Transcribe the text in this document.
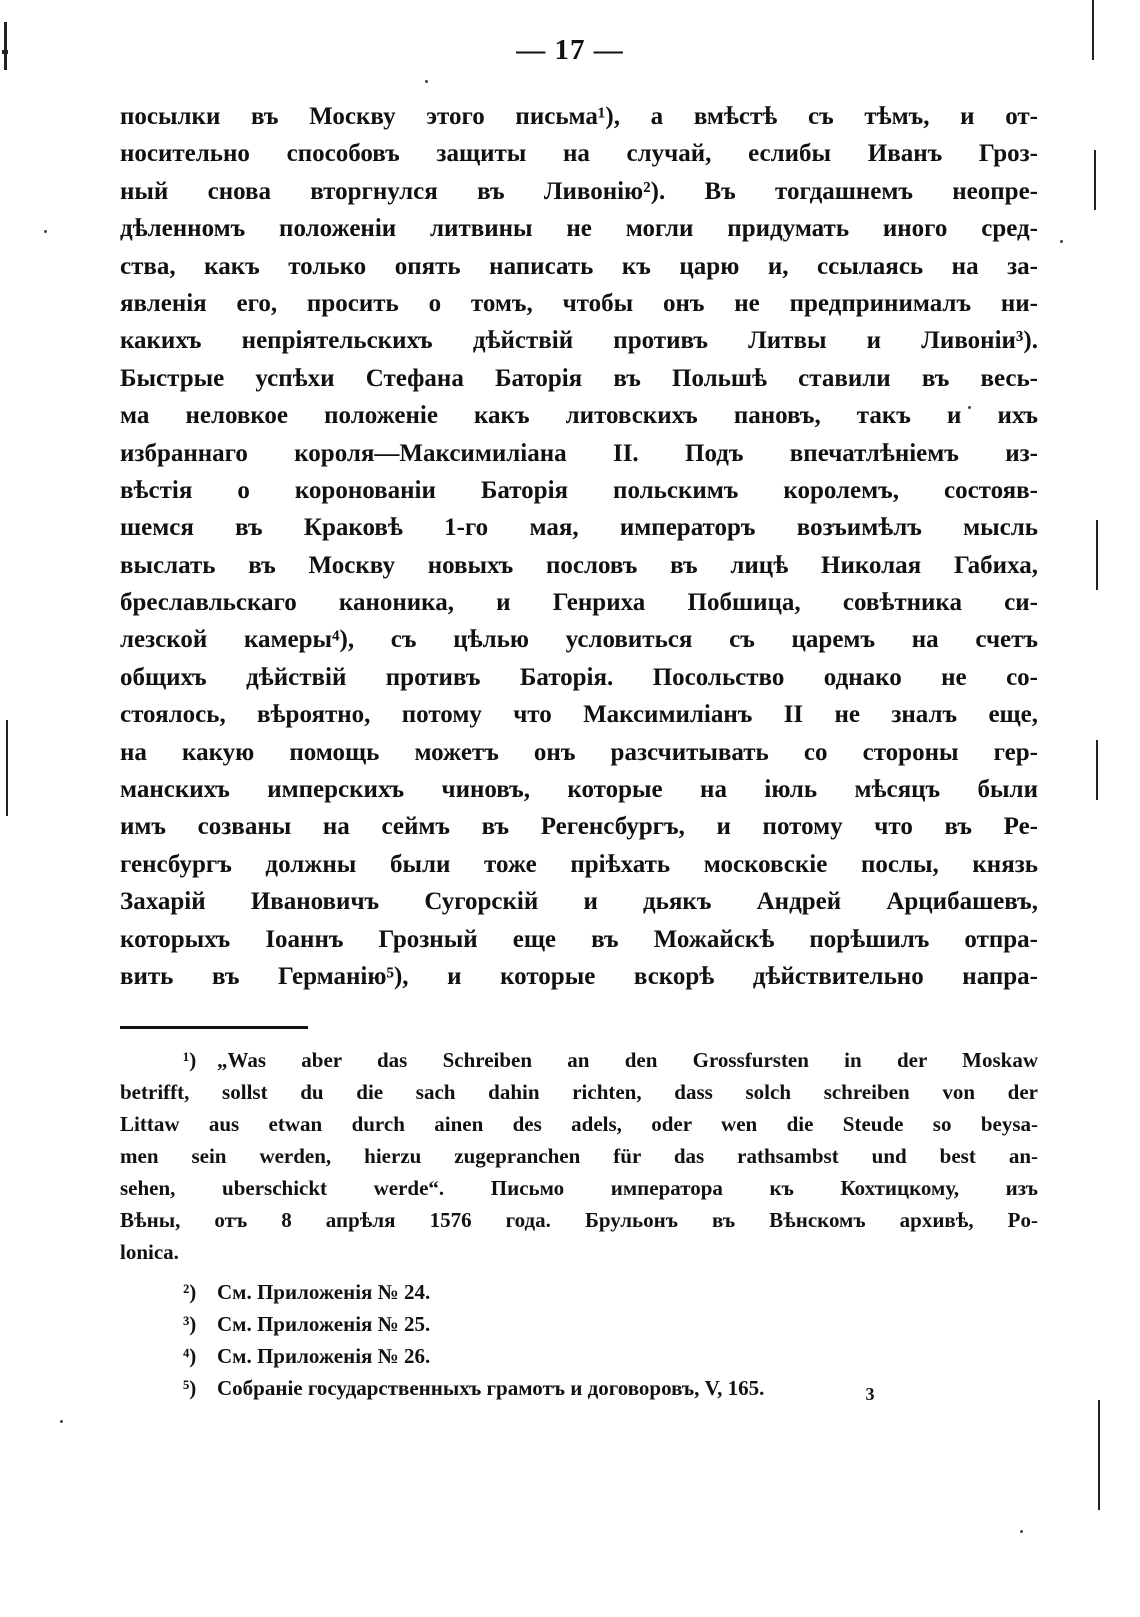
— 17 —
посылки въ Москву этого письма¹), а вмѣстѣ съ тѣмъ, и от-
носительно способовъ защиты на случай, еслибы Иванъ Гроз-
ный снова вторгнулся въ Ливонію²). Въ тогдашнемъ неопре-
дѣленномъ положеніи литвины не могли придумать иного сред-
ства, какъ только опять написать къ царю и, ссылаясь на за-
явленія его, просить о томъ, чтобы онъ не предпринималъ ни-
какихъ непріятельскихъ дѣйствій противъ Литвы и Ливоніи³).
Быстрые успѣхи Стефана Баторія въ Польшѣ ставили въ весь-
ма неловкое положеніе какъ литовскихъ пановъ, такъ и ихъ
избраннаго короля—Максимиліана II. Подъ впечатлѣніемъ из-
вѣстія о коронованіи Баторія польскимъ королемъ, состояв-
шемся въ Краковѣ 1-го мая, императоръ возъимѣлъ мысль
выслать въ Москву новыхъ пословъ въ лицѣ Николая Габиха,
бреславльскаго каноника, и Генриха Побшица, совѣтника си-
лезской камеры⁴), съ цѣлью условиться съ царемъ на счетъ
общихъ дѣйствій противъ Баторія. Посольство однако не со-
стоялось, вѣроятно, потому что Максимиліанъ II не зналъ еще,
на какую помощь можетъ онъ разсчитывать со стороны гер-
манскихъ имперскихъ чиновъ, которые на іюль мѣсяцъ были
имъ созваны на сеймъ въ Регенсбургъ, и потому что въ Ре-
генсбургъ должны были тоже пріѣхать московскіе послы, князь
Захарій Ивановичъ Сугорскій и дьякъ Андрей Арцибашевъ,
которыхъ Іоаннъ Грозный еще въ Можайскѣ порѣшилъ отпра-
вить въ Германію⁵), и которые вскорѣ дѣйствительно напра-
¹) „Was aber das Schreiben an den Grossfursten in der Moskaw
betrifft, sollst du die sach dahin richten, dass solch schreiben von der
Littaw aus etwan durch ainen des adels, oder wen die Steude so beysa-
men sein werden, hierzu zugepranchen für das rathsambst und best an-
sehen, uberschickt werde“. Письмо императора къ Кохтицкому, изъ
Вѣны, отъ 8 апрѣля 1576 года. Брульонъ въ Вѣнскомъ архивѣ, Po-
lonica.
²) См. Приложенія № 24.
³) См. Приложенія № 25.
⁴) См. Приложенія № 26.
⁵) Собраніе государственныхъ грамотъ и договоровъ, V, 165.	3
